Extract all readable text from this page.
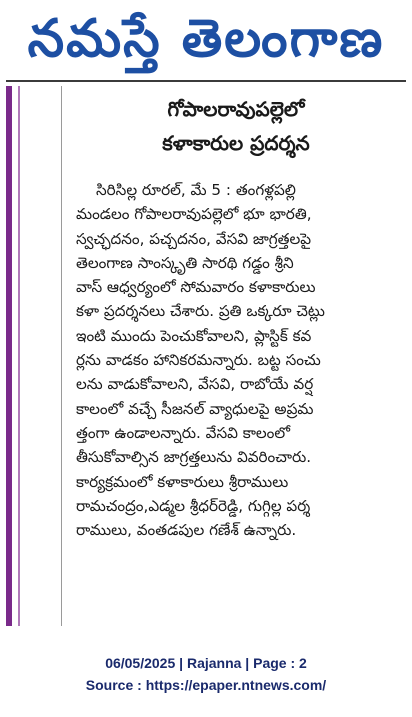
నమస్తే తెలంగాణ
గోపాలరావుపల్లెలో
కళాకారుల ప్రదర్శన
సిరిసిల్ల రూరల్, మే 5 : తంగళ్లపల్లి
మండలం గోపాలరావుపల్లెలో భూ భారతి,
స్వచ్ఛదనం, పచ్చదనం, వేసవి జాగ్రత్తలపై
తెలంగాణ సాంస్కృతి సారథి గడ్డం శ్రీని
వాస్ ఆధ్వర్యంలో సోమవారం కళాకారులు
కళా ప్రదర్శనలు చేశారు. ప్రతి ఒక్కరూ చెట్లు
ఇంటి ముందు పెంచుకోవాలని, ప్లాస్టిక్ కవ
ర్లను వాడకం హానికరమన్నారు. బట్ట సంచు
లను వాడుకోవాలని, వేసవి, రాబోయే వర్ష
కాలంలో వచ్చే సీజనల్ వ్యాధులపై అప్రమ
త్తంగా ఉండాలన్నారు. వేసవి కాలంలో
తీసుకోవాల్సిన జాగ్రత్తలును వివరించారు.
కార్యక్రమంలో కళాకారులు శ్రీరాములు
రామచంద్రం,ఎడ్మల శ్రీధర్‌రెడ్డి, గుగ్గిల్ల పర్శ
రాములు, వంతడపుల గణేశ్ ఉన్నారు.
06/05/2025 | Rajanna | Page : 2
Source : https://epaper.ntnews.com/
